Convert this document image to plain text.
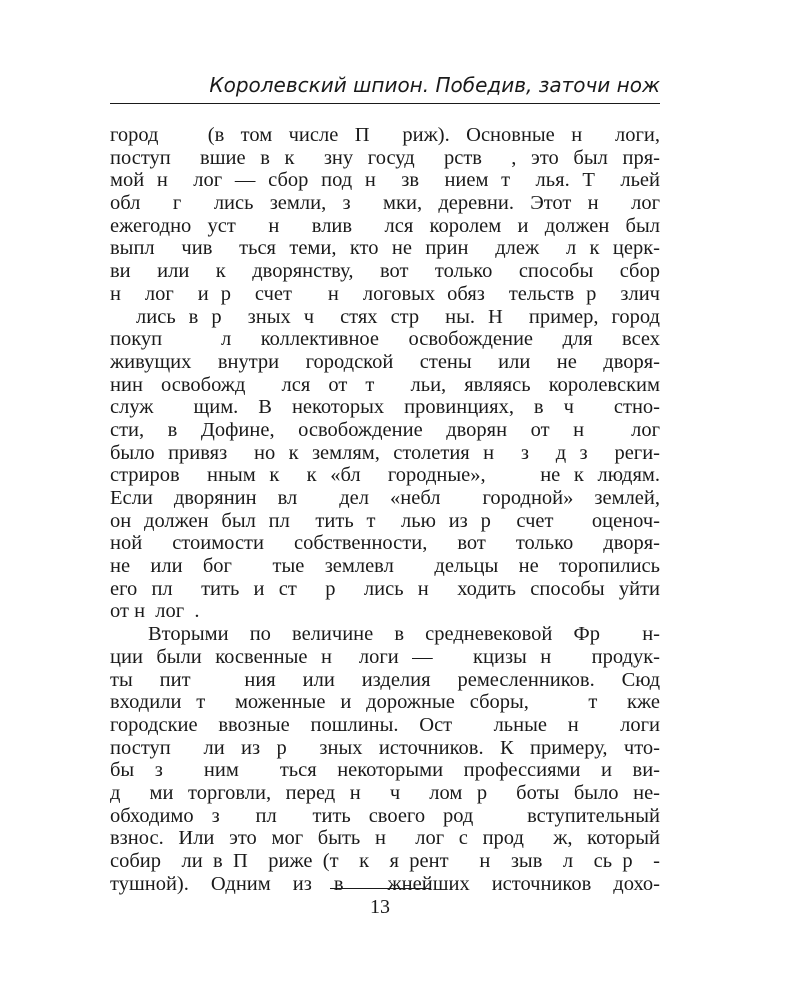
Королевский шпион. Победив, заточи нож
город   (в том числе П  риж). Основные н  логи,
поступ  вшие в к  зну госуд  рств  , это был пря-
мой н  лог — сбор под н  зв  нием т  лья. Т  льей
обл  г  лись земли, з  мки, деревни. Этот н  лог
ежегодно уст  н  влив  лся королем и должен был
выпл  чив  ться теми, кто не прин  длеж  л к церк-
ви или к дворянству, вот только способы сбор
н  лог  и р  счет   н  логовых обяз  тельств р  злич
лись в р  зных ч  стях стр  ны. Н  пример, город
покуп  л коллективное освобождение для всех
живущих внутри городской стены или не дворя-
нин освобожд  лся от т  льи, являясь королевским
служ  щим. В некоторых провинциях, в ч  стно-
сти, в Дофине, освобождение дворян от н  лог
было привяз  но к землям, столетия н  з  д з  реги-
стриров  нным к  к «бл  городные»,    не к людям.
Если дворянин вл  дел «небл  городной» землей,
он должен был пл  тить т  лью из р  счет   оценоч-
ной стоимости собственности, вот только дворя-
не или бог  тые землевл  дельцы не торопились
его пл  тить и ст  р  лись н  ходить способы уйти
от н  лог  .
Вторыми по величине в средневековой Фр  н-
ции были косвенные н  логи —   кцизы н   продук-
ты пит  ния или изделия ремесленников. Сюд
входили т  моженные и дорожные сборы,    т  кже
городские ввозные пошлины. Ост  льные н  логи
поступ  ли из р  зных источников. К примеру, что-
бы з  ним  ться некоторыми профессиями и ви-
д  ми торговли, перед н  ч  лом р  боты было не-
обходимо з  пл  тить своего род   вступительный
взнос. Или это мог быть н  лог с прод  ж, который
собир  ли в П  риже (т  к  я рент   н  зыв  л  сь р  -
тушной). Одним из в  жнейших источников дохо-
13
